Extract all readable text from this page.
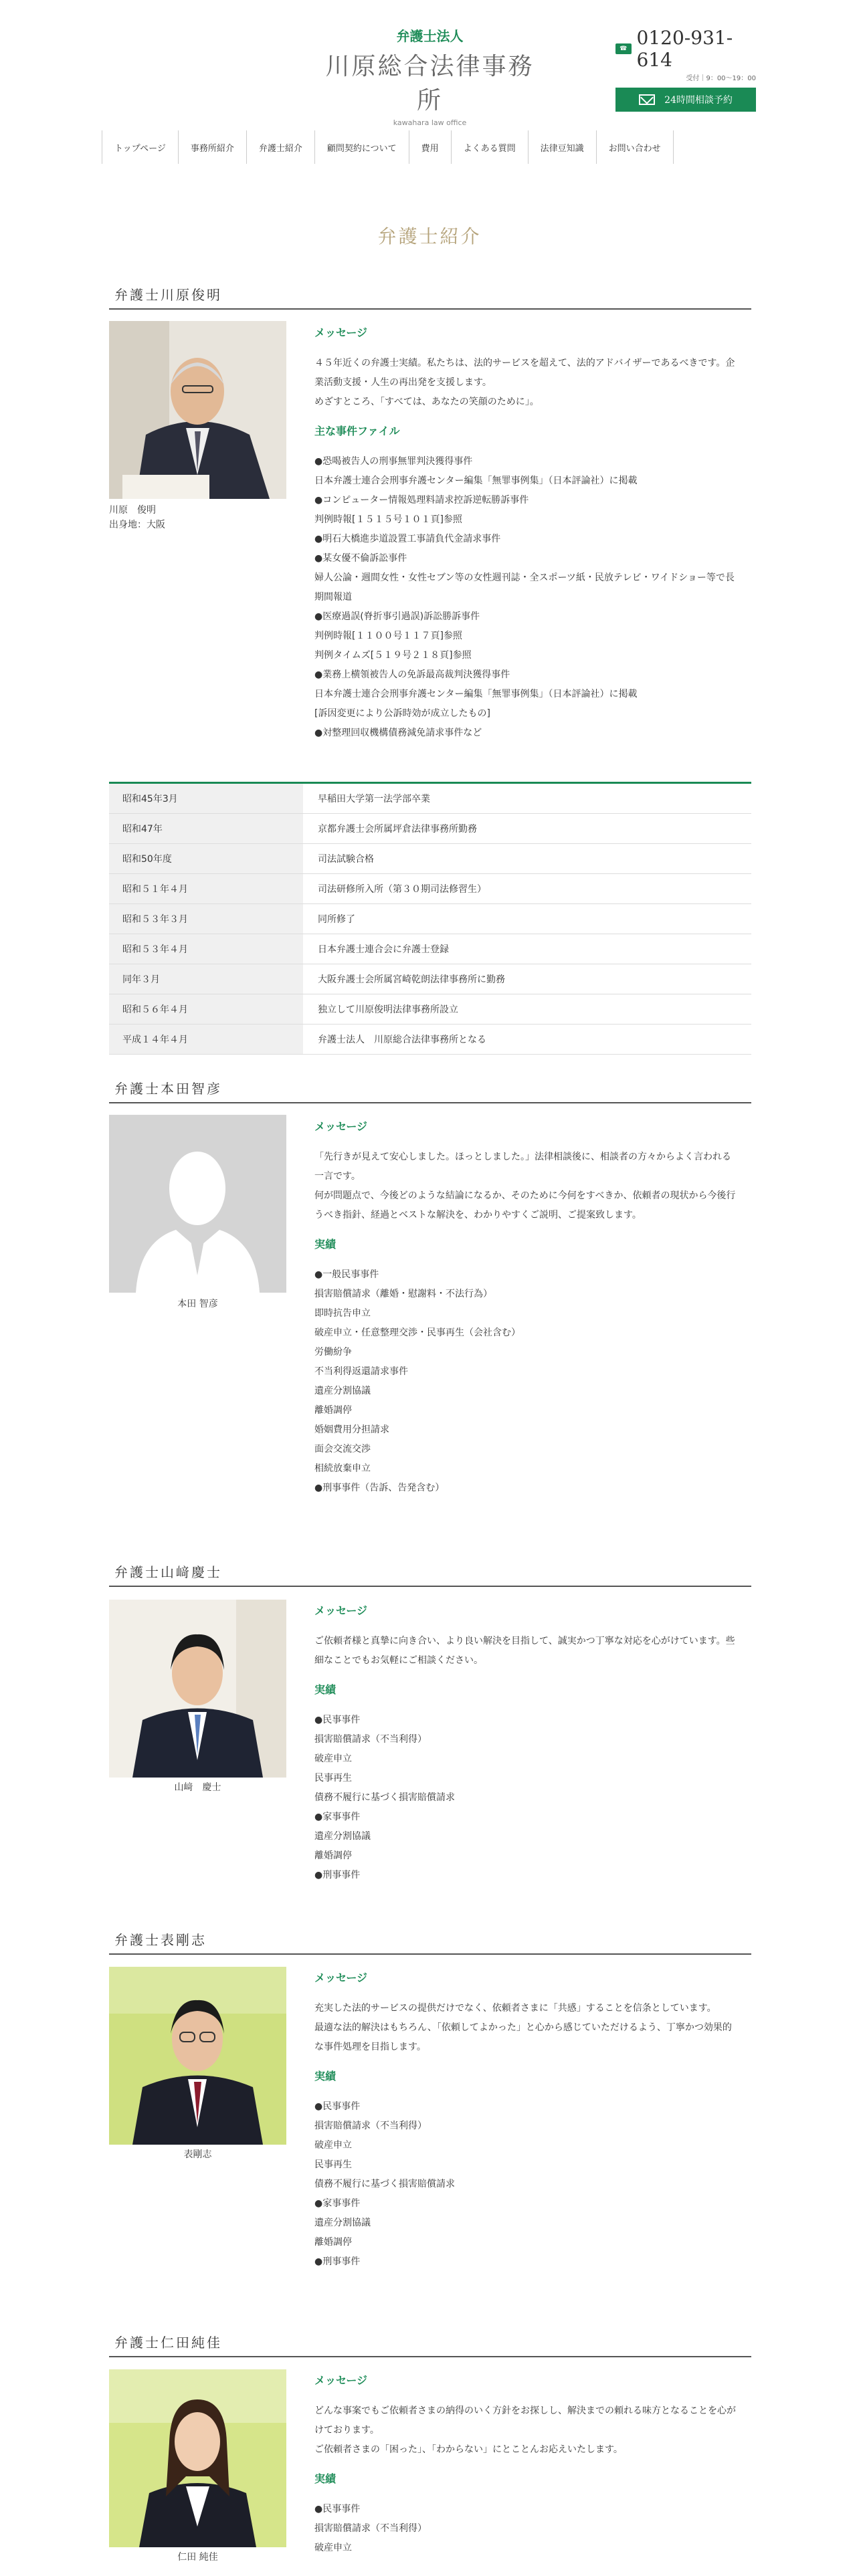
弁護士法人
川原総合法律事務所
kawahara law office
☎ 0120-931-614
受付｜9：00〜19：00
24時間相談予約
トップページ	事務所紹介	弁護士紹介	顧問契約について	費用	よくある質問	法律豆知識	お問い合わせ
弁護士紹介
弁護士川原俊明
川原　俊明
出身地：大阪
メッセージ

４５年近くの弁護士実績。私たちは、法的サービスを超えて、法的アドバイザーであるべきです。企業活動支援・人生の再出発を支援します。

めざすところ、「すべては、あなたの笑顔のために」。

主な事件ファイル
●恐喝被告人の刑事無罪判決獲得事件
日本弁護士連合会刑事弁護センター編集「無罪事例集」（日本評論社）に掲載
●コンピューター情報処理料請求控訴逆転勝訴事件
判例時報[１５１５号１０１頁]参照
●明石大橋進歩道設置工事請負代金請求事件
●某女優不倫訴訟事件
婦人公論・週間女性・女性セブン等の女性週刊誌・全スポーツ紙・民放テレビ・ワイドショー等で長期間報道
●医療過誤(脊折事引過誤)訴訟勝訴事件
判例時報[１１００号１１７頁]参照
判例タイムズ[５１９号２１８頁]参照
●業務上横領被告人の免訴最高裁判決獲得事件
日本弁護士連合会刑事弁護センター編集「無罪事例集」（日本評論社）に掲載
[訴因変更により公訴時効が成立したもの]
●対整理回収機構債務減免請求事件など
昭和45年3月	早稲田大学第一法学部卒業
昭和47年	京都弁護士会所属坪倉法律事務所勤務
昭和50年度	司法試験合格
昭和５１年４月	司法研修所入所（第３０期司法修習生）
昭和５３年３月	同所修了
昭和５３年４月	日本弁護士連合会に弁護士登録
同年３月	大阪弁護士会所属宮崎乾朗法律事務所に勤務
昭和５６年４月	独立して川原俊明法律事務所設立
平成１４年４月	弁護士法人　川原総合法律事務所となる
弁護士本田智彦
本田 智彦
メッセージ

「先行きが見えて安心しました。ほっとしました。」法律相談後に、相談者の方々からよく言われる一言です。

何が問題点で、今後どのような結論になるか、そのために今何をすべきか、依頼者の現状から今後行うべき指針、経過とベストな解決を、わかりやすくご説明、ご提案致します。

実績
●一般民事事件
損害賠償請求（離婚・慰謝料・不法行為）
即時抗告申立
破産申立・任意整理交渉・民事再生（会社含む）
労働紛争
不当利得返還請求事件
遺産分割協議
離婚調停
婚姻費用分担請求
面会交流交渉
相続放棄申立
●刑事事件（告訴、告発含む）
弁護士山﨑慶士
山﨑　慶士
メッセージ

ご依頼者様と真摯に向き合い、より良い解決を目指して、誠実かつ丁寧な対応を心がけています。些細なことでもお気軽にご相談ください。

実績
●民事事件
損害賠償請求（不当利得）
破産申立
民事再生
債務不履行に基づく損害賠償請求
●家事事件
遺産分割協議
離婚調停
●刑事事件
弁護士表剛志
表剛志
メッセージ

充実した法的サービスの提供だけでなく、依頼者さまに「共感」することを信条としています。

最適な法的解決はもちろん、「依頼してよかった」と心から感じていただけるよう、丁寧かつ効果的な事件処理を目指します。

実績
●民事事件
損害賠償請求（不当利得）
破産申立
民事再生
債務不履行に基づく損害賠償請求
●家事事件
遺産分割協議
離婚調停
●刑事事件
弁護士仁田純佳
仁田 純佳
メッセージ

どんな事案でもご依頼者さまの納得のいく方針をお探しし、解決までの頼れる味方となることを心がけております。

ご依頼者さまの「困った」、「わからない」にとことんお応えいたします。

実績
●民事事件
損害賠償請求（不当利得）
破産申立
